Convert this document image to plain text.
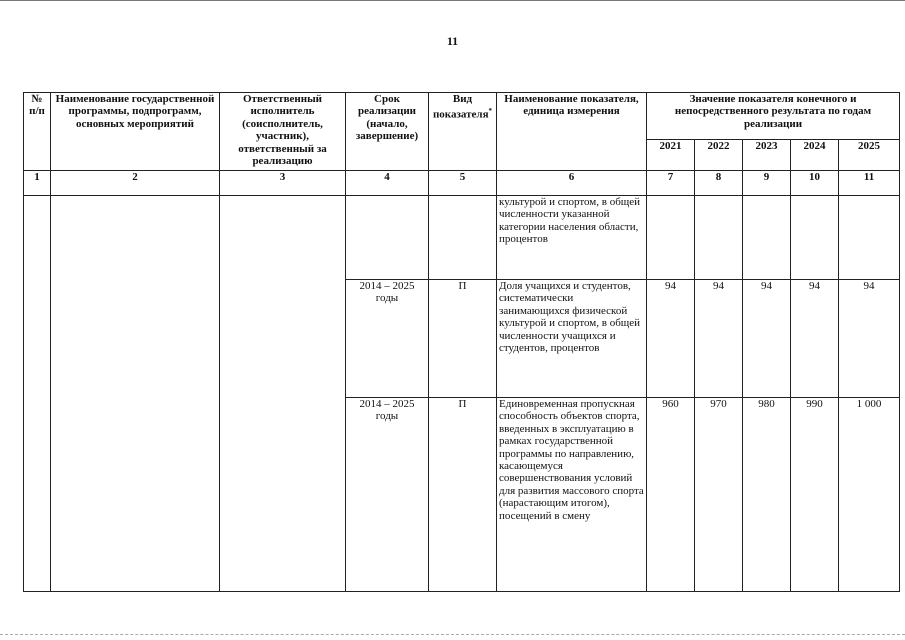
11
№ п/п	Наименование государственной программы, подпрограмм, основных мероприятий	Ответственный исполнитель (соисполнитель, участник), ответственный за реализацию	Срок реализации (начало, завершение)	Вид показателя*	Наименование показателя, единица измерения	Значение показателя конечного и непосредственного результата по годам реализации				
						2021	2022	2023	2024	2025
1	2	3	4	5	6	7	8	9	10	11
					культурой и спортом, в общей численности указанной категории населения области, процентов					
			2014 – 2025 годы	П	Доля учащихся и студентов, систематически занимающихся физической культурой и спортом, в общей численности учащихся и студентов, процентов	94	94	94	94	94
			2014 – 2025 годы	П	Единовременная пропускная способность объектов спорта, введенных в эксплуатацию в рамках государственной программы по направлению, касающемуся совершенствования условий для развития массового спорта (нарастающим итогом), посещений в смену	960	970	980	990	1 000
